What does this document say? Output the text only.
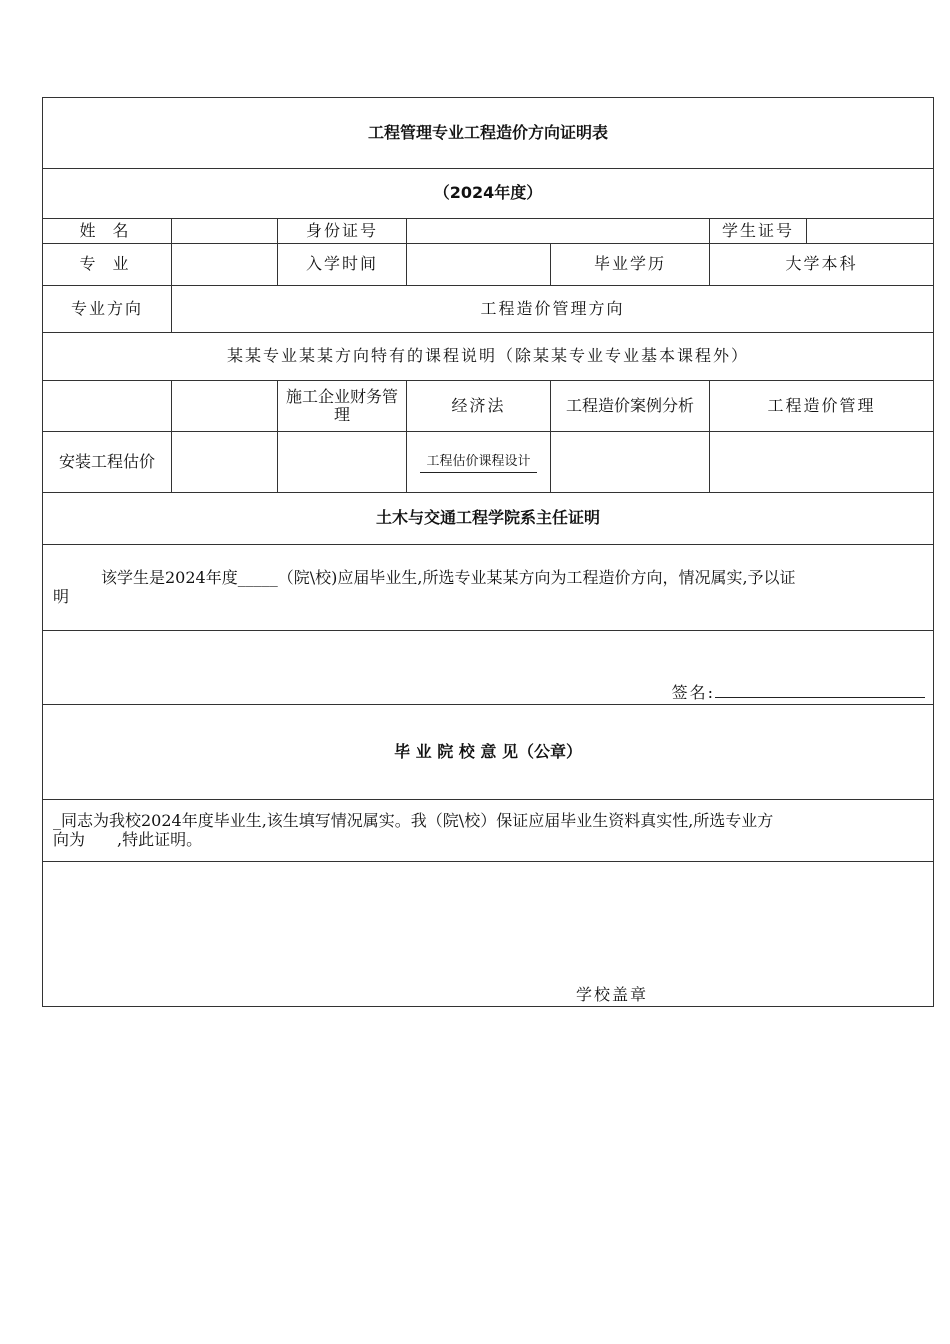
工程管理专业工程造价方向证明表						
（2024年度）						
姓 名		身份证号			学生证号	
专 业		入学时间		毕业学历	大学本科	
专业方向	工程造价管理方向					
某某专业某某方向特有的课程说明（除某某专业专业基本课程外）						
		施工企业财务管理	经济法	工程造价案例分析	工程造价管理	
安装工程估价			工程估价课程设计			
土木与交通工程学院系主任证明						

该学生是2024年度_____（院\校)应届毕业生,所选专业某某方向为工程造价方向，情况属实,予以证

明						

签名:						
毕 业 院 校 意 见（公章）						

_同志为我校2024年度毕业生,该生填写情况属实。我（院\校）保证应届毕业生资料真实性,所选专业方

向为　　,特此证明。						

学校盖章						
